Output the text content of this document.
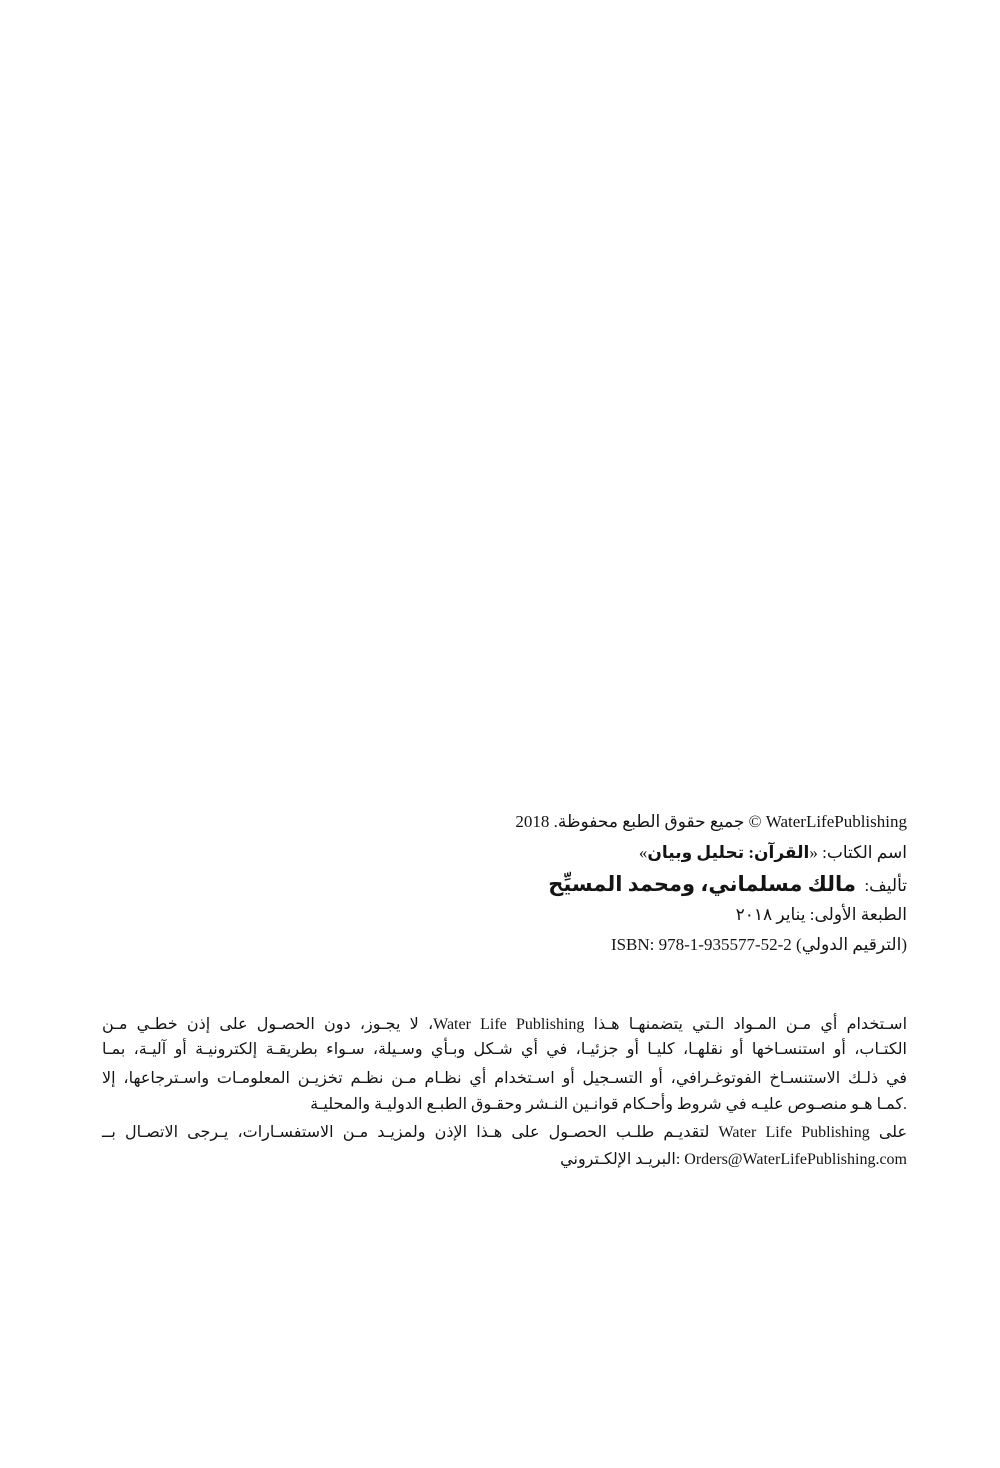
WaterLifePublishing © جميع حقوق الطبع محفوظة. 2018
اسم الكتاب: «القرآن: تحليل وبيان»
تأليف:  مالك مسلماني، ومحمد المسيِّح
الطبعة الأولى: يناير ٢٠١٨
(الترقيم الدولي) ISBN: 978-1-935577-52-2
اسـتخدام أي مـن المـواد الـتي يتضمنهـا هـذا Water Life Publishing، لا يجـوز، دون الحصـول على إذن خطـي مـن
الكتـاب، أو استنسـاخها أو نقلهـا، كليـا أو جزئيـا، في أي شـكل وبـأي وسـيلة، سـواء بطريقـة إلكترونيـة أو آليـة، بمـا
في ذلـك الاستنسـاخ الفوتوغـرافي، أو التسـجيل أو اسـتخدام أي نظـام مـن نظـم تخزيـن المعلومـات واسـترجاعها، إلا
.كمـا هـو منصـوص عليـه في شروط وأحـكام قوانـين النـشر وحقـوق الطبـع الدوليـة والمحليـة
على Water Life Publishing لتقديـم طلـب الحصـول على هـذا الإذن ولمزيـد مـن الاستفسـارات، يـرجى الاتصـال بــ
Orders@WaterLifePublishing.com :البريـد الإلكـتروني
